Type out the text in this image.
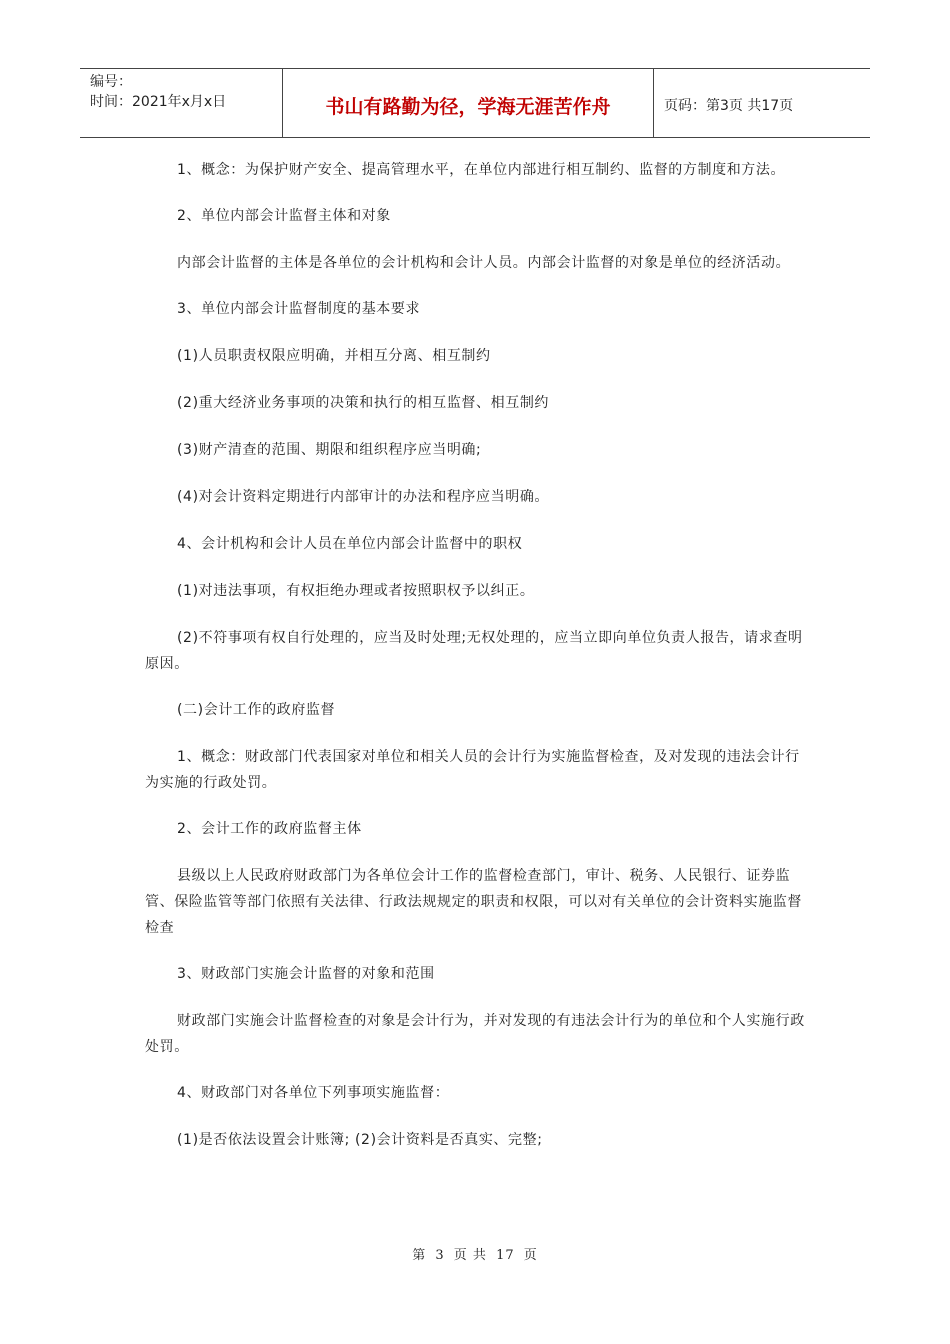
编号：
时间：2021年x月x日	书山有路勤为径，学海无涯苦作舟	页码：第3页 共17页

1、概念：为保护财产安全、提高管理水平，在单位内部进行相互制约、监督的方制度和方法。

2、单位内部会计监督主体和对象

内部会计监督的主体是各单位的会计机构和会计人员。内部会计监督的对象是单位的经济活动。

3、单位内部会计监督制度的基本要求

(1)人员职责权限应明确，并相互分离、相互制约

(2)重大经济业务事项的决策和执行的相互监督、相互制约

(3)财产清查的范围、期限和组织程序应当明确;

(4)对会计资料定期进行内部审计的办法和程序应当明确。

4、会计机构和会计人员在单位内部会计监督中的职权

(1)对违法事项，有权拒绝办理或者按照职权予以纠正。

(2)不符事项有权自行处理的，应当及时处理;无权处理的，应当立即向单位负责人报告，请求查明原因。

(二)会计工作的政府监督

1、概念：财政部门代表国家对单位和相关人员的会计行为实施监督检查，及对发现的违法会计行为实施的行政处罚。

2、会计工作的政府监督主体

县级以上人民政府财政部门为各单位会计工作的监督检查部门，审计、税务、人民银行、证券监管、保险监管等部门依照有关法律、行政法规规定的职责和权限，可以对有关单位的会计资料实施监督检查

3、财政部门实施会计监督的对象和范围

财政部门实施会计监督检查的对象是会计行为，并对发现的有违法会计行为的单位和个人实施行政处罚。

4、财政部门对各单位下列事项实施监督：

(1)是否依法设置会计账簿; (2)会计资料是否真实、完整;

第 3 页 共 17 页
